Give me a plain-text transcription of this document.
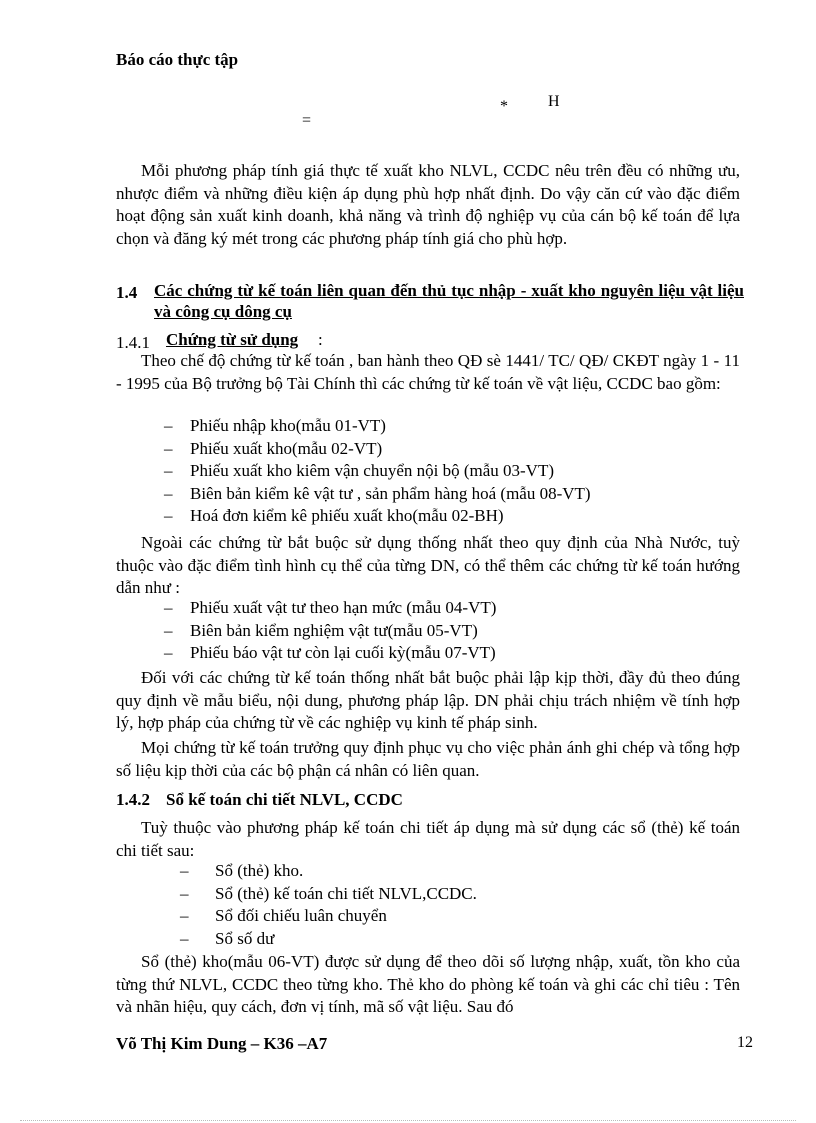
Báo cáo thực tập
*	H
=

Mỗi phương pháp tính giá thực tế xuất kho NLVL, CCDC nêu trên đều có những ưu, nhược điểm và những điều kiện áp dụng phù hợp nhất định. Do vậy căn cứ vào đặc điểm hoạt động sản xuất kinh doanh, khả năng và trình độ nghiệp vụ của cán bộ kế toán để lựa chọn và đăng ký mét trong các phương pháp tính giá cho phù hợp.

1.4 Các chứng từ kế toán liên quan đến thủ tục nhập - xuất kho nguyên liệu vật liệu và công cụ dông cụ
1.4.1 Chứng từ sử dụng :

Theo chế độ chứng từ kế toán , ban hành theo QĐ sè 1441/ TC/ QĐ/ CKĐT ngày 1 - 11 - 1995 của Bộ trưởng bộ Tài Chính thì các chứng từ kế toán về vật liệu, CCDC bao gồm:

– Phiếu nhập kho(mẫu 01-VT)
– Phiếu xuất kho(mẫu 02-VT)
– Phiếu xuất kho kiêm vận chuyển nội bộ (mẫu 03-VT)
– Biên bản kiểm kê vật tư , sản phẩm hàng hoá (mẫu 08-VT)
– Hoá đơn kiểm kê phiếu xuất kho(mẫu 02-BH)

Ngoài các chứng từ bắt buộc sử dụng thống nhất theo quy định của Nhà Nước, tuỳ thuộc vào đặc điểm tình hình cụ thể của từng DN, có thể thêm các chứng từ kế toán hướng dẫn như :

– Phiếu xuất vật tư theo hạn mức (mẫu 04-VT)
– Biên bản kiểm nghiệm vật tư(mẫu 05-VT)
– Phiếu báo vật tư còn lại cuối kỳ(mẫu 07-VT)

Đối với các chứng từ kế toán thống nhất bắt buộc phải lập kịp thời, đầy đủ theo đúng quy định về mẫu biểu, nội dung, phương pháp lập. DN phải chịu trách nhiệm về tính hợp lý, hợp pháp của chứng từ về các nghiệp vụ kinh tế pháp sinh.

Mọi chứng từ kế toán trưởng quy định phục vụ cho việc phản ánh ghi chép và tổng hợp số liệu kịp thời của các bộ phận cá nhân có liên quan.

1.4.2 Sổ kế toán chi tiết NLVL, CCDC

Tuỳ thuộc vào phương pháp kế toán chi tiết áp dụng mà sử dụng các sổ (thẻ) kế toán chi tiết sau:

– Sổ (thẻ) kho.
– Sổ (thẻ) kế toán chi tiết NLVL,CCDC.
– Sổ đối chiếu luân chuyển
– Sổ số dư

Sổ (thẻ) kho(mẫu 06-VT) được sử dụng để theo dõi số lượng nhập, xuất, tồn kho của từng thứ NLVL, CCDC theo từng kho. Thẻ kho do phòng kế toán và ghi các chỉ tiêu : Tên và nhãn hiệu, quy cách, đơn vị tính, mã số vật liệu. Sau đó

Võ Thị Kim Dung – K36 –A7	12
